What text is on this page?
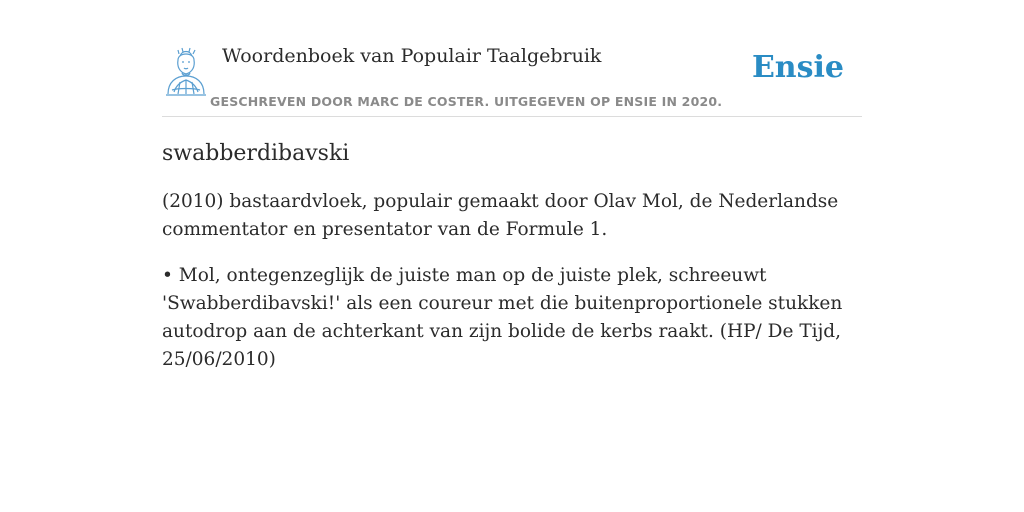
Woordenboek van Populair Taalgebruik
GESCHREVEN DOOR MARC DE COSTER. UITGEGEVEN OP ENSIE IN 2020.
Ensie
swabberdibavski

(2010) bastaardvloek, populair gemaakt door Olav Mol, de Nederlandse commentator en presentator van de Formule 1.

• Mol, ontegenzeglijk de juiste man op de juiste plek, schreeuwt 'Swabberdibavski!' als een coureur met die buitenproportionele stukken autodrop aan de achterkant van zijn bolide de kerbs raakt. (HP/ De Tijd, 25/06/2010)
